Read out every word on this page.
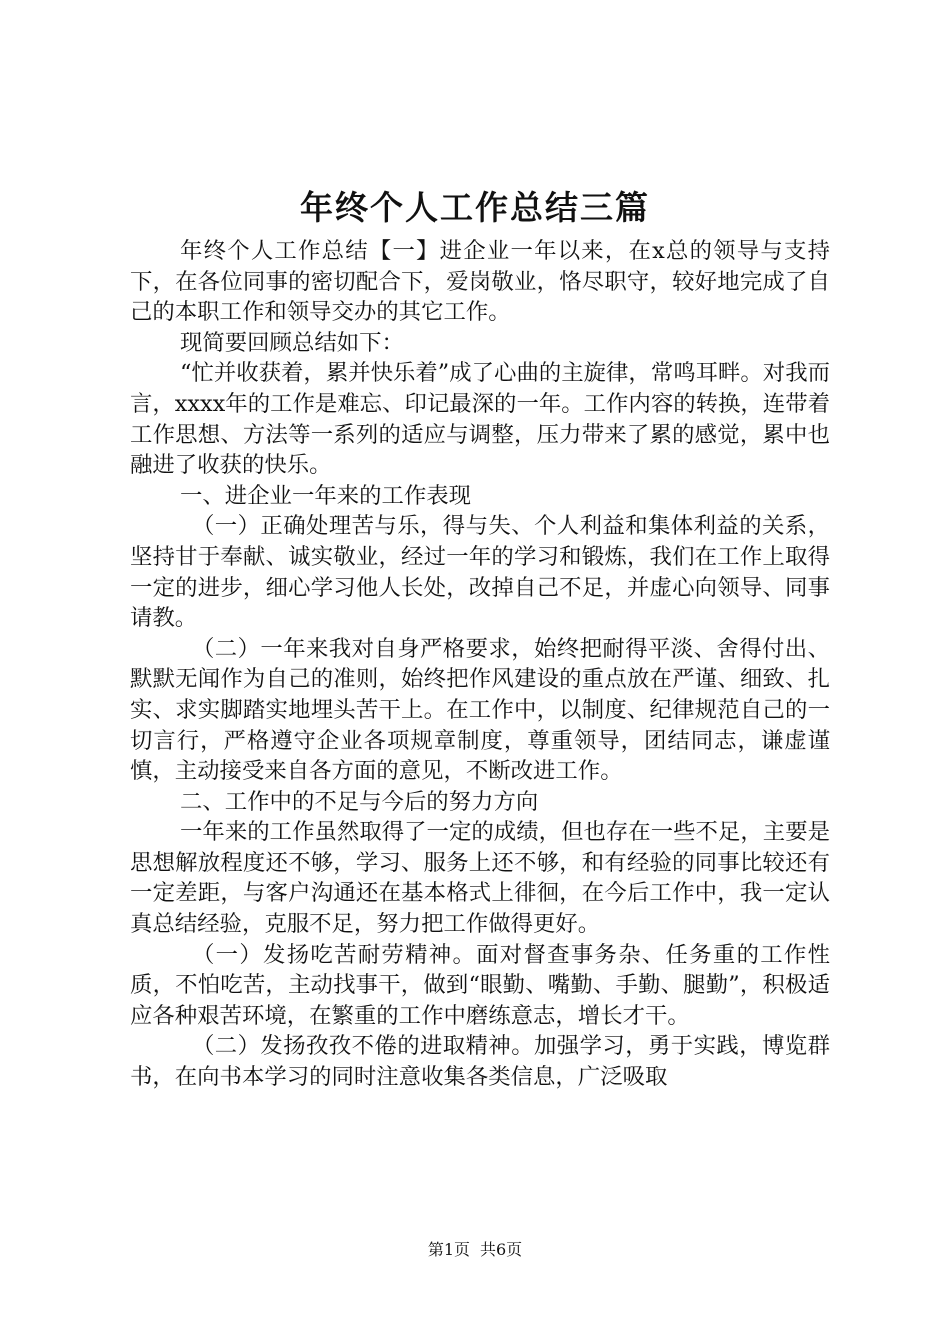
年终个人工作总结三篇

年终个人工作总结【一】进企业一年以来，在x总的领导与支持下，在各位同事的密切配合下，爱岗敬业，恪尽职守，较好地完成了自己的本职工作和领导交办的其它工作。

现简要回顾总结如下：

“忙并收获着，累并快乐着”成了心曲的主旋律，常鸣耳畔。对我而言，xxxx年的工作是难忘、印记最深的一年。工作内容的转换，连带着工作思想、方法等一系列的适应与调整，压力带来了累的感觉，累中也融进了收获的快乐。

一、进企业一年来的工作表现

（一）正确处理苦与乐，得与失、个人利益和集体利益的关系，坚持甘于奉献、诚实敬业，经过一年的学习和锻炼，我们在工作上取得一定的进步，细心学习他人长处，改掉自己不足，并虚心向领导、同事请教。

（二）一年来我对自身严格要求，始终把耐得平淡、舍得付出、默默无闻作为自己的准则，始终把作风建设的重点放在严谨、细致、扎实、求实脚踏实地埋头苦干上。在工作中，以制度、纪律规范自己的一切言行，严格遵守企业各项规章制度，尊重领导，团结同志，谦虚谨慎，主动接受来自各方面的意见，不断改进工作。

二、工作中的不足与今后的努力方向

一年来的工作虽然取得了一定的成绩，但也存在一些不足，主要是思想解放程度还不够，学习、服务上还不够，和有经验的同事比较还有一定差距，与客户沟通还在基本格式上徘徊，在今后工作中，我一定认真总结经验，克服不足，努力把工作做得更好。

（一）发扬吃苦耐劳精神。面对督查事务杂、任务重的工作性质，不怕吃苦，主动找事干，做到“眼勤、嘴勤、手勤、腿勤”，积极适应各种艰苦环境，在繁重的工作中磨练意志，增长才干。

（二）发扬孜孜不倦的进取精神。加强学习，勇于实践，博览群书，在向书本学习的同时注意收集各类信息，广泛吸取

第1页 共6页
